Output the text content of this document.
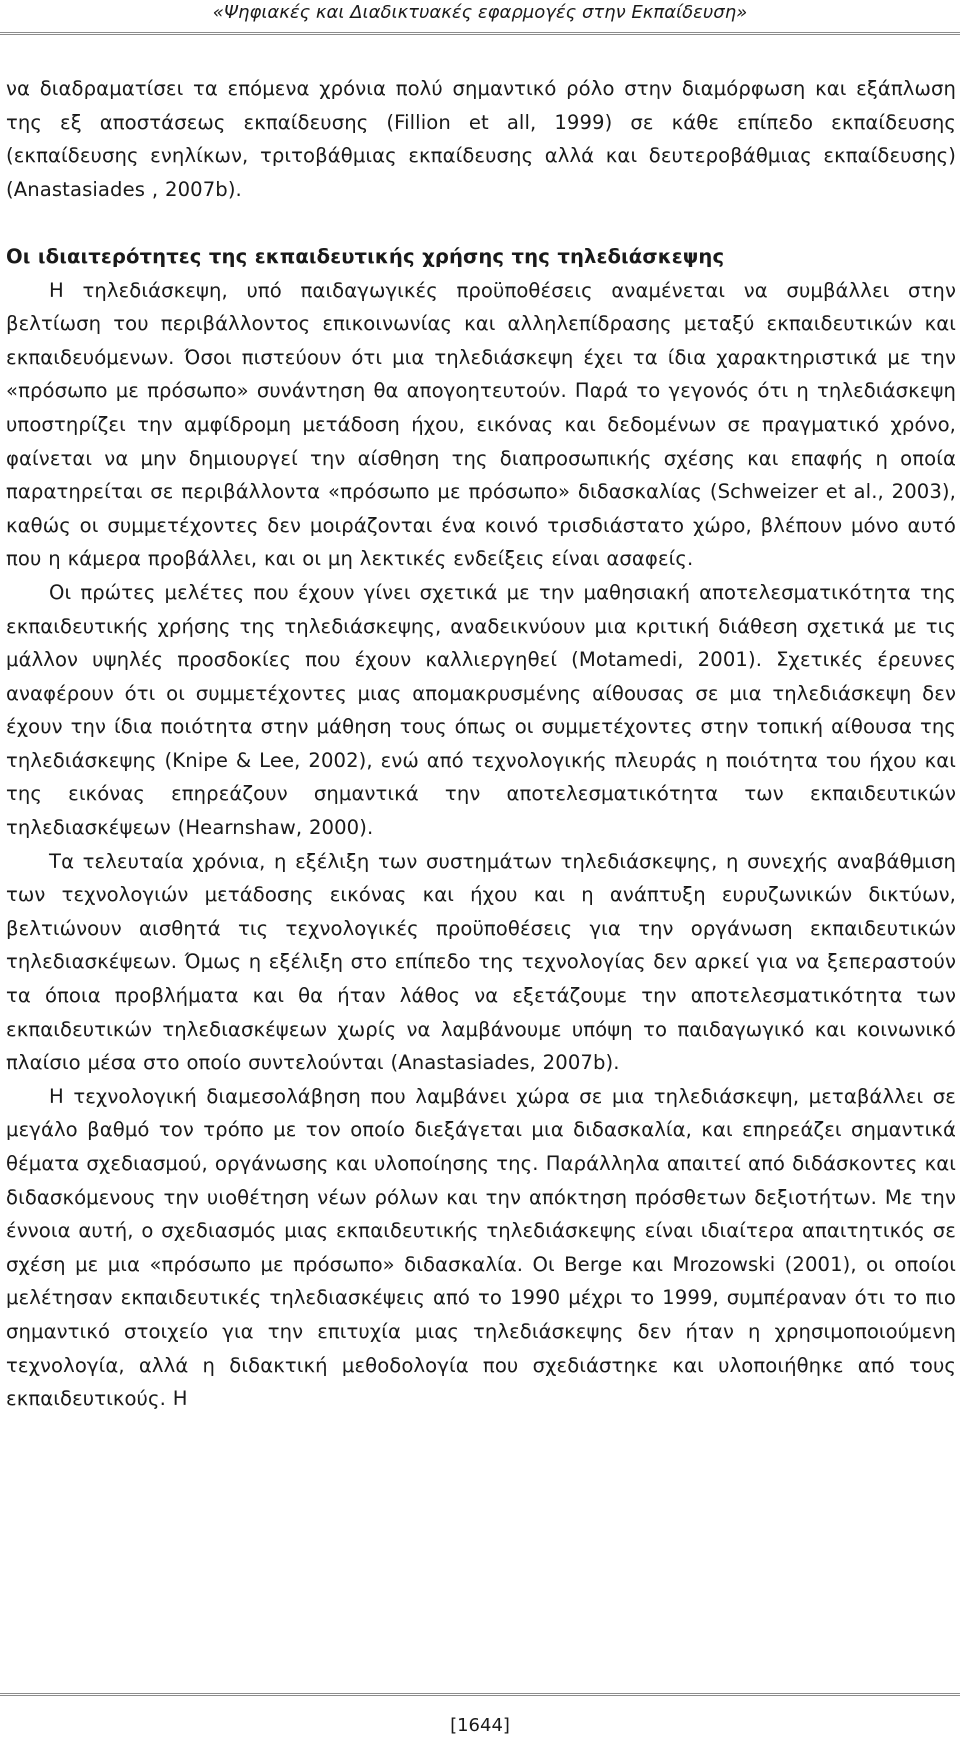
«Ψηφιακές και Διαδικτυακές εφαρμογές στην Εκπαίδευση»

να διαδραματίσει τα επόμενα χρόνια πολύ σημαντικό ρόλο στην διαμόρφωση και εξάπλωση της εξ αποστάσεως εκπαίδευσης (Fillion et all, 1999) σε κάθε επίπεδο εκπαίδευσης (εκπαίδευσης ενηλίκων, τριτοβάθμιας εκπαίδευσης αλλά και δευτεροβάθμιας εκπαίδευσης) (Anastasiades , 2007b).

Οι ιδιαιτερότητες της εκπαιδευτικής χρήσης της τηλεδιάσκεψης

Η τηλεδιάσκεψη, υπό παιδαγωγικές προϋποθέσεις αναμένεται να συμβάλλει στην βελτίωση του περιβάλλοντος επικοινωνίας και αλληλεπίδρασης μεταξύ εκπαιδευτικών και εκπαιδευόμενων. Όσοι πιστεύουν ότι μια τηλεδιάσκεψη έχει τα ίδια χαρακτηριστικά με την «πρόσωπο με πρόσωπο» συνάντηση θα απογοητευτούν. Παρά το γεγονός ότι η τηλεδιάσκεψη υποστηρίζει την αμφίδρομη μετάδοση ήχου, εικόνας και δεδομένων σε πραγματικό χρόνο, φαίνεται να μην δημιουργεί την αίσθηση της διαπροσωπικής σχέσης και επαφής η οποία παρατηρείται σε περιβάλλοντα «πρόσωπο με πρόσωπο» διδασκαλίας (Schweizer et al., 2003), καθώς οι συμμετέχοντες δεν μοιράζονται ένα κοινό τρισδιάστατο χώρο, βλέπουν μόνο αυτό που η κάμερα προβάλλει, και οι μη λεκτικές ενδείξεις είναι ασαφείς.

Οι πρώτες μελέτες που έχουν γίνει σχετικά με την μαθησιακή αποτελεσματικότητα της εκπαιδευτικής χρήσης της τηλεδιάσκεψης, αναδεικνύουν μια κριτική διάθεση σχετικά με τις μάλλον υψηλές προσδοκίες που έχουν καλλιεργηθεί (Motamedi, 2001). Σχετικές έρευνες αναφέρουν ότι οι συμμετέχοντες μιας απομακρυσμένης αίθουσας σε μια τηλεδιάσκεψη δεν έχουν την ίδια ποιότητα στην μάθηση τους όπως οι συμμετέχοντες στην τοπική αίθουσα της τηλεδιάσκεψης (Knipe & Lee, 2002), ενώ από τεχνολογικής πλευράς η ποιότητα του ήχου και της εικόνας επηρεάζουν σημαντικά την αποτελεσματικότητα των εκπαιδευτικών τηλεδιασκέψεων (Hearnshaw, 2000).

Τα τελευταία χρόνια, η εξέλιξη των συστημάτων τηλεδιάσκεψης, η συνεχής αναβάθμιση των τεχνολογιών μετάδοσης εικόνας και ήχου και η ανάπτυξη ευρυζωνικών δικτύων, βελτιώνουν αισθητά τις τεχνολογικές προϋποθέσεις για την οργάνωση εκπαιδευτικών τηλεδιασκέψεων. Όμως η εξέλιξη στο επίπεδο της τεχνολογίας δεν αρκεί για να ξεπεραστούν τα όποια προβλήματα και θα ήταν λάθος να εξετάζουμε την αποτελεσματικότητα των εκπαιδευτικών τηλεδιασκέψεων χωρίς να λαμβάνουμε υπόψη το παιδαγωγικό και κοινωνικό πλαίσιο μέσα στο οποίο συντελούνται (Anastasiades, 2007b).

Η τεχνολογική διαμεσολάβηση που λαμβάνει χώρα σε μια τηλεδιάσκεψη, μεταβάλλει σε μεγάλο βαθμό τον τρόπο με τον οποίο διεξάγεται μια διδασκαλία, και επηρεάζει σημαντικά θέματα σχεδιασμού, οργάνωσης και υλοποίησης της. Παράλληλα απαιτεί από διδάσκοντες και διδασκόμενους την υιοθέτηση νέων ρόλων και την απόκτηση πρόσθετων δεξιοτήτων. Με την έννοια αυτή, ο σχεδιασμός μιας εκπαιδευτικής τηλεδιάσκεψης είναι ιδιαίτερα απαιτητικός σε σχέση με μια «πρόσωπο με πρόσωπο» διδασκαλία. Οι Berge και Mrozowski (2001), οι οποίοι μελέτησαν εκπαιδευτικές τηλεδιασκέψεις από το 1990 μέχρι το 1999, συμπέραναν ότι το πιο σημαντικό στοιχείο για την επιτυχία μιας τηλεδιάσκεψης δεν ήταν η χρησιμοποιούμενη τεχνολογία, αλλά η διδακτική μεθοδολογία που σχεδιάστηκε και υλοποιήθηκε από τους εκπαιδευτικούς. Η

[1644]
